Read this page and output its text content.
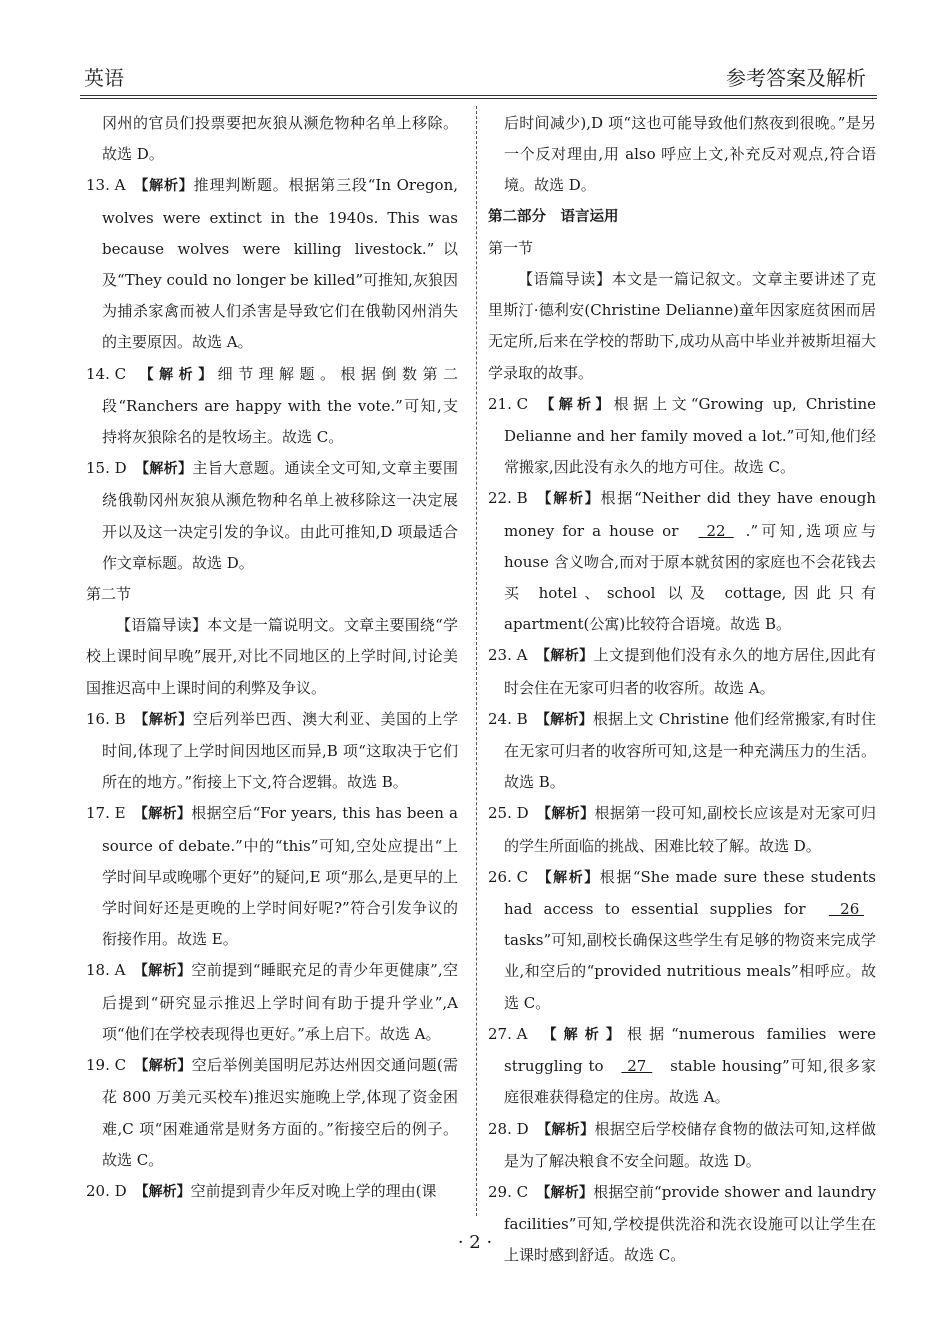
英语	参考答案及解析

冈州的官员们投票要把灰狼从濒危物种名单上移除。故选 D。

13. A【解析】推理判断题。根据第三段“In Oregon, wolves were extinct in the 1940s. This was because wolves were killing livestock.”以及“They could no longer be killed”可推知,灰狼因为捕杀家禽而被人们杀害是导致它们在俄勒冈州消失的主要原因。故选 A。

14. C【解析】细节理解题。根据倒数第二段“Ranchers are happy with the vote.”可知,支持将灰狼除名的是牧场主。故选 C。

15. D【解析】主旨大意题。通读全文可知,文章主要围绕俄勒冈州灰狼从濒危物种名单上被移除这一决定展开以及这一决定引发的争议。由此可推知,D 项最适合作文章标题。故选 D。

第二节

【语篇导读】本文是一篇说明文。文章主要围绕“学校上课时间早晚”展开,对比不同地区的上学时间,讨论美国推迟高中上课时间的利弊及争议。

16. B【解析】空后列举巴西、澳大利亚、美国的上学时间,体现了上学时间因地区而异,B 项“这取决于它们所在的地方。”衔接上下文,符合逻辑。故选 B。

17. E【解析】根据空后“For years, this has been a source of debate.”中的“this”可知,空处应提出“上学时间早或晚哪个更好”的疑问,E 项“那么,是更早的上学时间好还是更晚的上学时间好呢?”符合引发争议的衔接作用。故选 E。

18. A【解析】空前提到“睡眠充足的青少年更健康”,空后提到“研究显示推迟上学时间有助于提升学业”,A 项“他们在学校表现得也更好。”承上启下。故选 A。

19. C【解析】空后举例美国明尼苏达州因交通问题(需花 800 万美元买校车)推迟实施晚上学,体现了资金困难,C 项“困难通常是财务方面的。”衔接空后的例子。故选 C。

20. D【解析】空前提到青少年反对晚上学的理由(课

后时间减少),D 项“这也可能导致他们熬夜到很晚。”是另一个反对理由,用 also 呼应上文,补充反对观点,符合语境。故选 D。

第二部分　语言运用

第一节

【语篇导读】本文是一篇记叙文。文章主要讲述了克里斯汀·德利安(Christine Delianne)童年因家庭贫困而居无定所,后来在学校的帮助下,成功从高中毕业并被斯坦福大学录取的故事。

21. C【解析】根据上文“Growing up, Christine Delianne and her family moved a lot.”可知,他们经常搬家,因此没有永久的地方可住。故选 C。

22. B【解析】根据“Neither did they have enough money for a house or  22 .”可知,选项应与 house 含义吻合,而对于原本就贫困的家庭也不会花钱去买 hotel、school 以及 cottage,因此只有 apartment(公寓)比较符合语境。故选 B。

23. A【解析】上文提到他们没有永久的地方居住,因此有时会住在无家可归者的收容所。故选 A。

24. B【解析】根据上文 Christine 他们经常搬家,有时住在无家可归者的收容所可知,这是一种充满压力的生活。故选 B。

25. D【解析】根据第一段可知,副校长应该是对无家可归的学生所面临的挑战、困难比较了解。故选 D。

26. C【解析】根据“She made sure these students had access to essential supplies for  26  tasks”可知,副校长确保这些学生有足够的物资来完成学业,和空后的“provided nutritious meals”相呼应。故选 C。

27. A【解析】根据“numerous families were struggling to  27  stable housing”可知,很多家庭很难获得稳定的住房。故选 A。

28. D【解析】根据空后学校储存食物的做法可知,这样做是为了解决粮食不安全问题。故选 D。

29. C【解析】根据空前“provide shower and laundry facilities”可知,学校提供洗浴和洗衣设施可以让学生在上课时感到舒适。故选 C。

· 2 ·
